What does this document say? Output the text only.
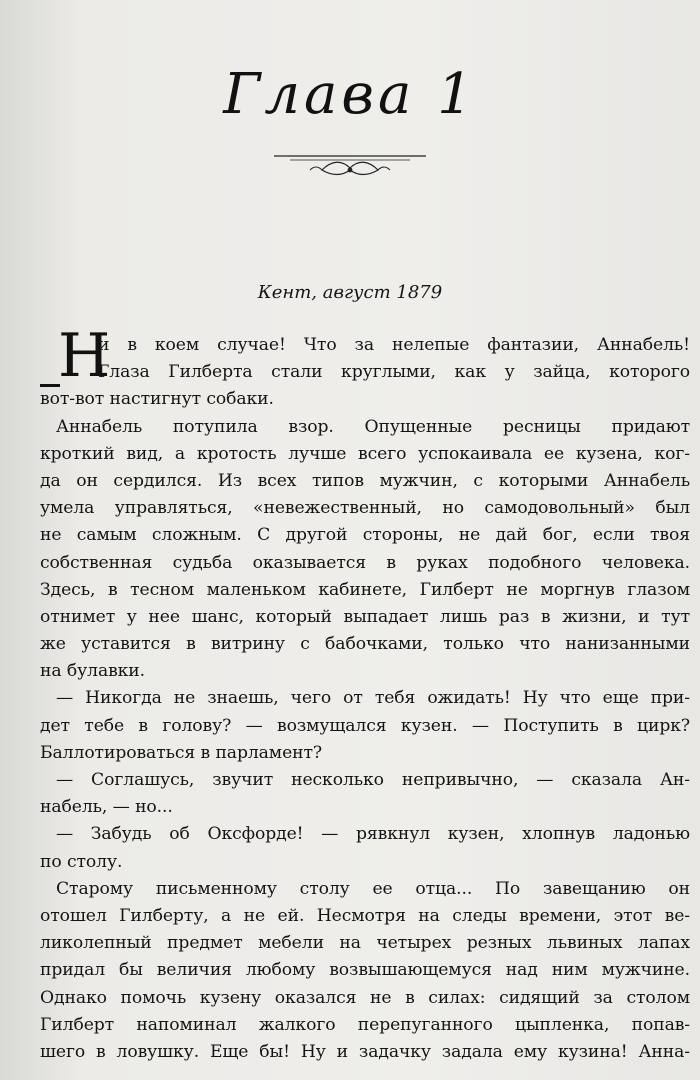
Глава 1
Кент, август 1879
Н
и в коем случае! Что за нелепые фантазии, Аннабель!
Глаза Гилберта стали круглыми, как у зайца, которого
вот-вот настигнут собаки.
Аннабель потупила взор. Опущенные ресницы придают
кроткий вид, а кротость лучше всего успокаивала ее кузена, ког-
да он сердился. Из всех типов мужчин, с которыми Аннабель
умела управляться, «невежественный, но самодовольный» был
не самым сложным. С другой стороны, не дай бог, если твоя
собственная судьба оказывается в руках подобного человека.
Здесь, в тесном маленьком кабинете, Гилберт не моргнув глазом
отнимет у нее шанс, который выпадает лишь раз в жизни, и тут
же уставится в витрину с бабочками, только что нанизанными
на булавки.
— Никогда не знаешь, чего от тебя ожидать! Ну что еще при-
дет тебе в голову? — возмущался кузен. — Поступить в цирк?
Баллотироваться в парламент?
— Соглашусь, звучит несколько непривычно, — сказала Ан-
набель, — но...
— Забудь об Оксфорде! — рявкнул кузен, хлопнув ладонью
по столу.
Старому письменному столу ее отца... По завещанию он
отошел Гилберту, а не ей. Несмотря на следы времени, этот ве-
ликолепный предмет мебели на четырех резных львиных лапах
придал бы величия любому возвышающемуся над ним мужчине.
Однако помочь кузену оказался не в силах: сидящий за столом
Гилберт напоминал жалкого перепуганного цыпленка, попав-
шего в ловушку. Еще бы! Ну и задачку задала ему кузина! Анна-
